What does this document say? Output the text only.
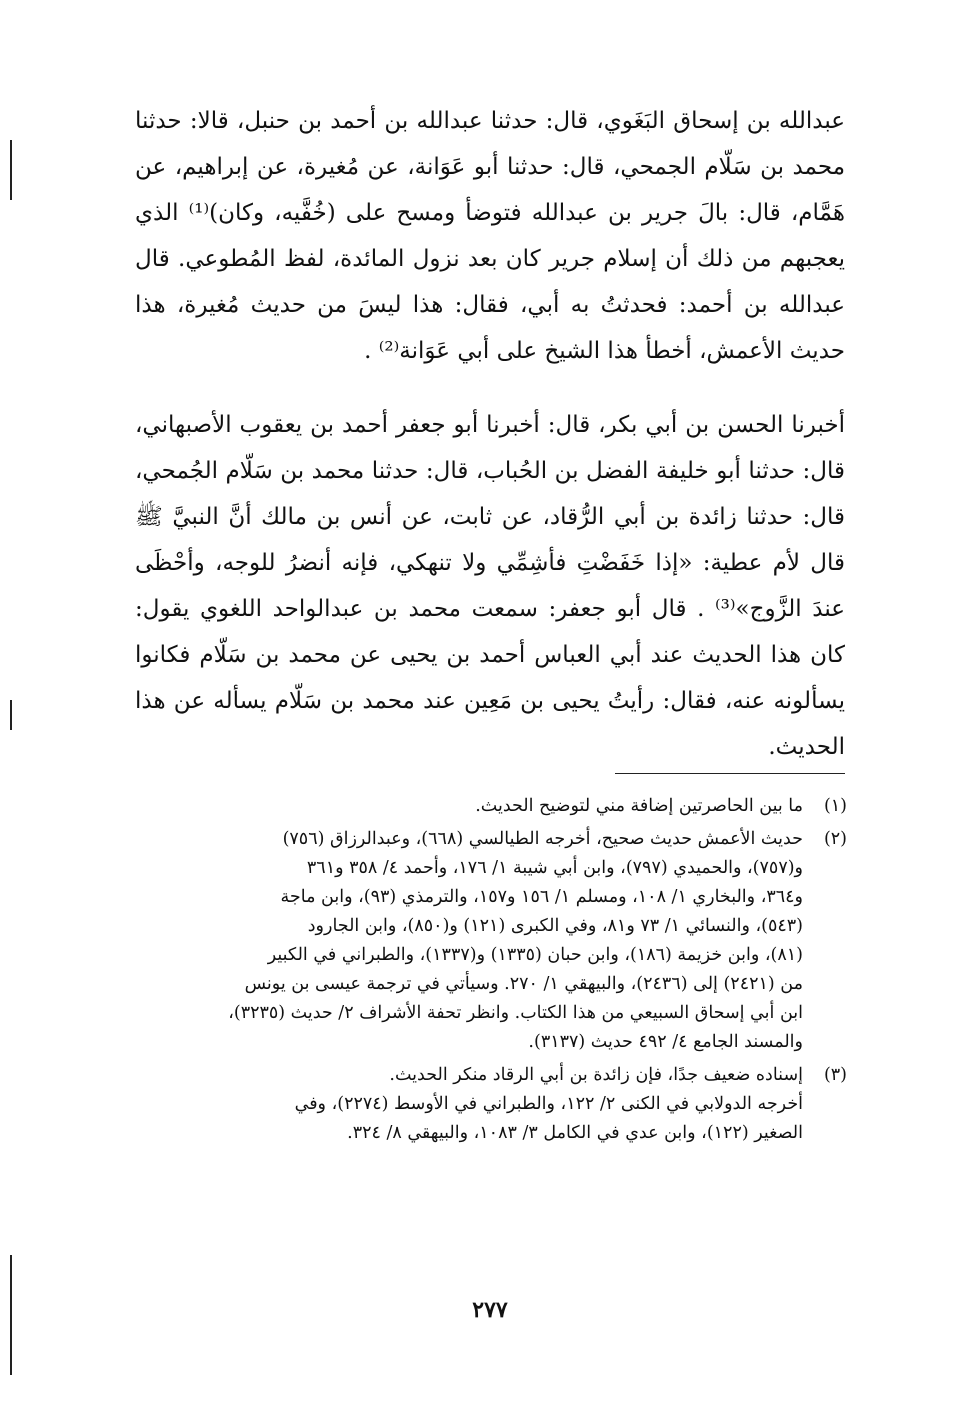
عبدالله بن إسحاق البَغَوي، قال: حدثنا عبدالله بن أحمد بن حنبل، قالا: حدثنا محمد بن سَلّام الجمحي، قال: حدثنا أبو عَوَانة، عن مُغيرة، عن إبراهيم، عن هَمَّام، قال: بالَ جرير بن عبدالله فتوضأ ومسح على (خُفَّيه، وكان)⁽¹⁾ الذي يعجبهم من ذلك أن إسلام جرير كان بعد نزول المائدة، لفظ المُطوعي. قال عبدالله بن أحمد: فحدثتُ به أبي، فقال: هذا ليسَ من حديث مُغيرة، هذا حديث الأعمش، أخطأ هذا الشيخ على أبي عَوَانة⁽²⁾ .
أخبرنا الحسن بن أبي بكر، قال: أخبرنا أبو جعفر أحمد بن يعقوب الأصبهاني، قال: حدثنا أبو خليفة الفضل بن الحُباب، قال: حدثنا محمد بن سَلّام الجُمحي، قال: حدثنا زائدة بن أبي الرُّقاد، عن ثابت، عن أنس بن مالك أنَّ النبيَّ ﷺ قال لأم عطية: «إذا خَفَضْتِ فأشِمِّي ولا تنهكي، فإنه أنضرُ للوجه، وأحْظَى عندَ الزَّوج»⁽³⁾ . قال أبو جعفر: سمعت محمد بن عبدالواحد اللغوي يقول: كان هذا الحديث عند أبي العباس أحمد بن يحيى عن محمد بن سَلّام فكانوا يسألونه عنه، فقال: رأيتُ يحيى بن مَعِين عند محمد بن سَلّام يسأله عن هذا الحديث.
(١)
ما بين الحاصرتين إضافة مني لتوضيح الحديث.
(٢)
حديث الأعمش حديث صحيح، أخرجه الطيالسي (٦٦٨)، وعبدالرزاق (٧٥٦)
و(٧٥٧)، والحميدي (٧٩٧)، وابن أبي شيبة ١/ ١٧٦، وأحمد ٤/ ٣٥٨ و٣٦١
و٣٦٤، والبخاري ١/ ١٠٨، ومسلم ١/ ١٥٦ و١٥٧، والترمذي (٩٣)، وابن ماجة
(٥٤٣)، والنسائي ١/ ٧٣ و٨١، وفي الكبرى (١٢١) و(٨٥٠)، وابن الجارود
(٨١)، وابن خزيمة (١٨٦)، وابن حبان (١٣٣٥) و(١٣٣٧)، والطبراني في الكبير
من (٢٤٢١) إلى (٢٤٣٦)، والبيهقي ١/ ٢٧٠. وسيأتي في ترجمة عيسى بن يونس
ابن أبي إسحاق السبيعي من هذا الكتاب. وانظر تحفة الأشراف ٢/ حديث (٣٢٣٥)،
والمسند الجامع ٤/ ٤٩٢ حديث (٣١٣٧).
(٣)
إسناده ضعيف جدًا، فإن زائدة بن أبي الرقاد منكر الحديث.
أخرجه الدولابي في الكنى ٢/ ١٢٢، والطبراني في الأوسط (٢٢٧٤)، وفي
الصغير (١٢٢)، وابن عدي في الكامل ٣/ ١٠٨٣، والبيهقي ٨/ ٣٢٤.
٢٧٧
